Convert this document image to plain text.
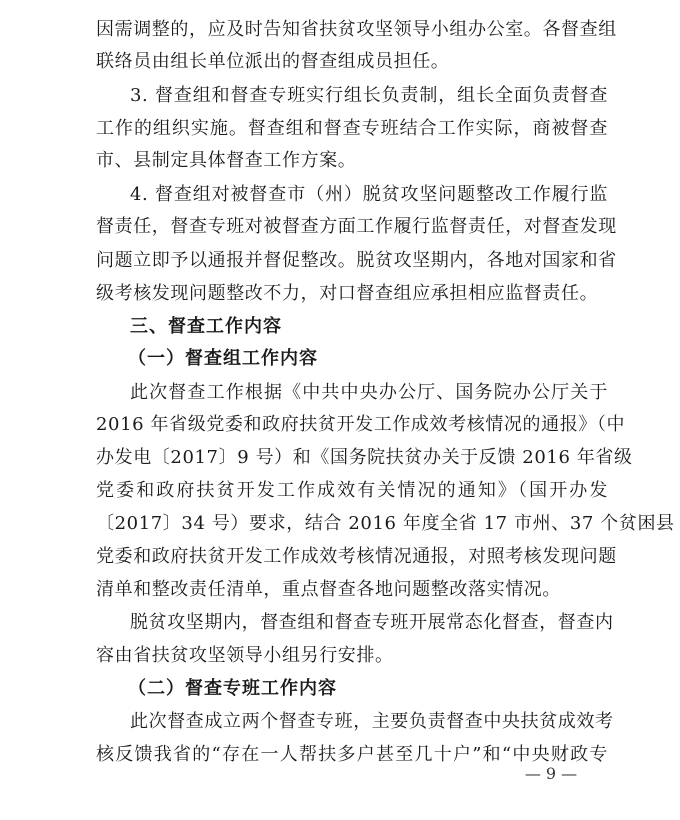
因需调整的，应及时告知省扶贫攻坚领导小组办公室。各督查组
联络员由组长单位派出的督查组成员担任。
3. 督查组和督查专班实行组长负责制，组长全面负责督查
工作的组织实施。督查组和督查专班结合工作实际，商被督查
市、县制定具体督查工作方案。
4. 督查组对被督查市（州）脱贫攻坚问题整改工作履行监
督责任，督查专班对被督查方面工作履行监督责任，对督查发现
问题立即予以通报并督促整改。脱贫攻坚期内，各地对国家和省
级考核发现问题整改不力，对口督查组应承担相应监督责任。
三、督查工作内容
（一）督查组工作内容
此次督查工作根据《中共中央办公厅、国务院办公厅关于
2016 年省级党委和政府扶贫开发工作成效考核情况的通报》（中
办发电〔2017〕9 号）和《国务院扶贫办关于反馈 2016 年省级
党委和政府扶贫开发工作成效有关情况的通知》（国开办发
〔2017〕34 号）要求，结合 2016 年度全省 17 市州、37 个贫困县
党委和政府扶贫开发工作成效考核情况通报，对照考核发现问题
清单和整改责任清单，重点督查各地问题整改落实情况。
脱贫攻坚期内，督查组和督查专班开展常态化督查，督查内
容由省扶贫攻坚领导小组另行安排。
（二）督查专班工作内容
此次督查成立两个督查专班，主要负责督查中央扶贫成效考
核反馈我省的“存在一人帮扶多户甚至几十户”和“中央财政专
— 9 —
